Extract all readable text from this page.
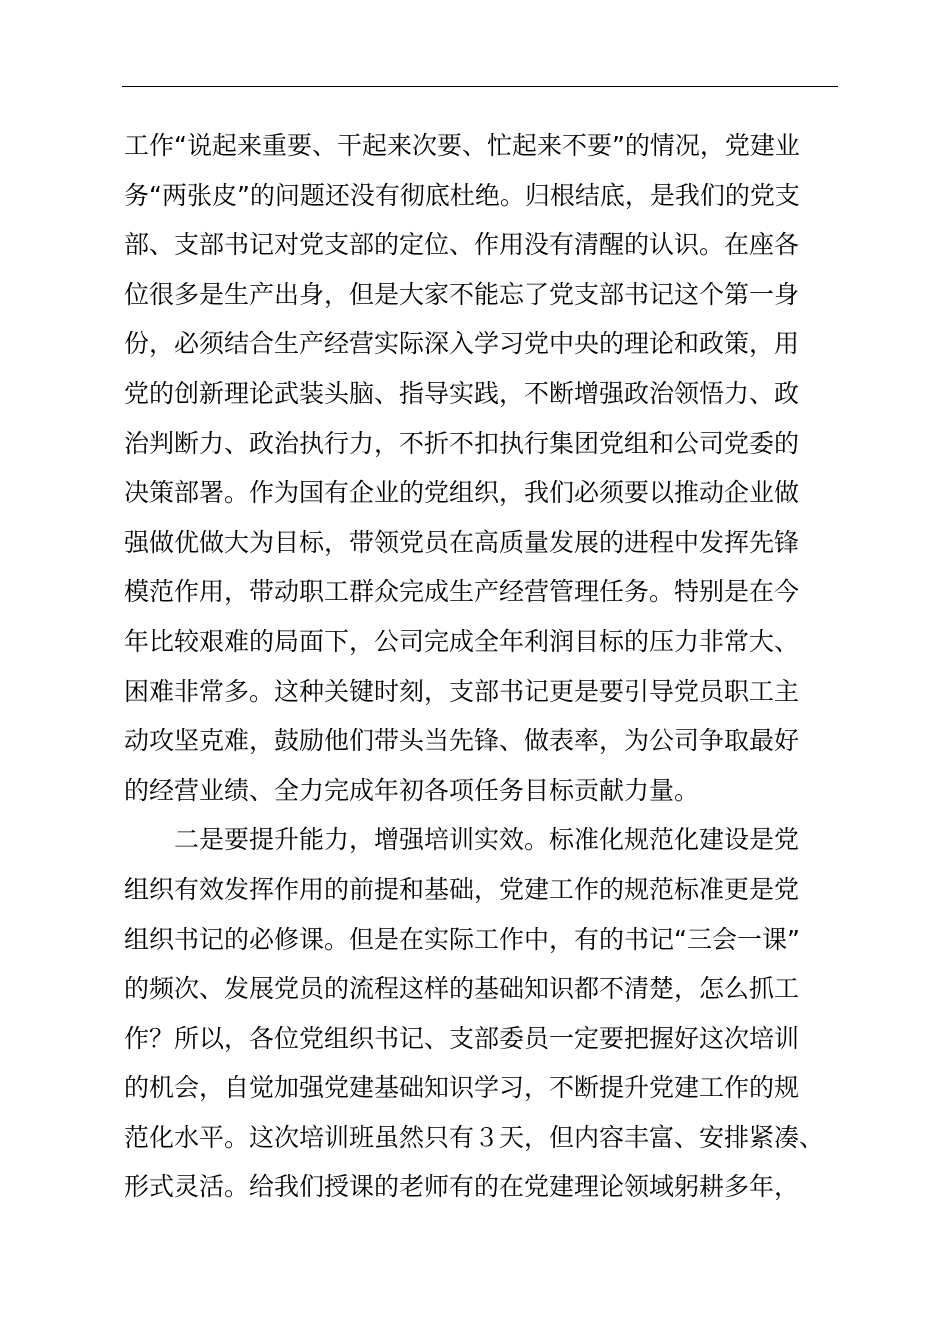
工作“说起来重要、干起来次要、忙起来不要”的情况，党建业
务“两张皮”的问题还没有彻底杜绝。归根结底，是我们的党支
部、支部书记对党支部的定位、作用没有清醒的认识。在座各
位很多是生产出身，但是大家不能忘了党支部书记这个第一身
份，必须结合生产经营实际深入学习党中央的理论和政策，用
党的创新理论武装头脑、指导实践，不断增强政治领悟力、政
治判断力、政治执行力，不折不扣执行集团党组和公司党委的
决策部署。作为国有企业的党组织，我们必须要以推动企业做
强做优做大为目标，带领党员在高质量发展的进程中发挥先锋
模范作用，带动职工群众完成生产经营管理任务。特别是在今
年比较艰难的局面下，公司完成全年利润目标的压力非常大、
困难非常多。这种关键时刻，支部书记更是要引导党员职工主
动攻坚克难，鼓励他们带头当先锋、做表率，为公司争取最好
的经营业绩、全力完成年初各项任务目标贡献力量。
　　二是要提升能力，增强培训实效。标准化规范化建设是党
组织有效发挥作用的前提和基础，党建工作的规范标准更是党
组织书记的必修课。但是在实际工作中，有的书记“三会一课”
的频次、发展党员的流程这样的基础知识都不清楚，怎么抓工
作？所以，各位党组织书记、支部委员一定要把握好这次培训
的机会，自觉加强党建基础知识学习，不断提升党建工作的规
范化水平。这次培训班虽然只有３天，但内容丰富、安排紧凑、
形式灵活。给我们授课的老师有的在党建理论领域躬耕多年，
